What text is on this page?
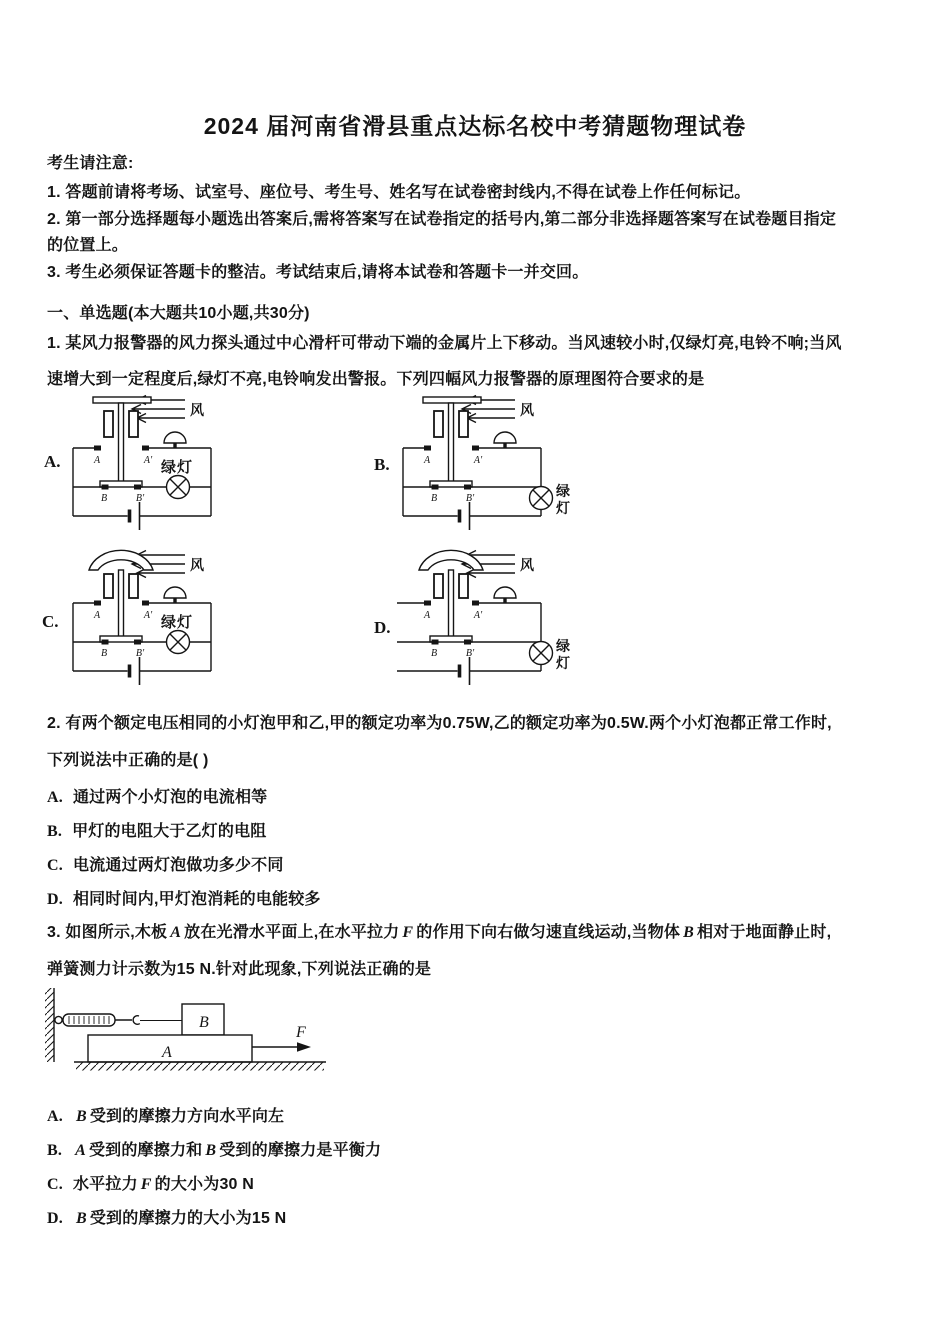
2024 届河南省滑县重点达标名校中考猜题物理试卷
考生请注意:
1. 答题前请将考场、试室号、座位号、考生号、姓名写在试卷密封线内,不得在试卷上作任何标记。
2. 第一部分选择题每小题选出答案后,需将答案写在试卷指定的括号内,第二部分非选择题答案写在试卷题目指定
的位置上。
3. 考生必须保证答题卡的整洁。考试结束后,请将本试卷和答题卡一并交回。
一、单选题(本大题共10小题,共30分)
1. 某风力报警器的风力探头通过中心滑杆可带动下端的金属片上下移动。当风速较小时,仅绿灯亮,电铃不响;当风
速增大到一定程度后,绿灯不亮,电铃响发出警报。下列四幅风力报警器的原理图符合要求的是
A.	B.
C.	D.
风
A	A′
B	B′
绿灯
风
A	A′
B	B′	绿
灯
风
A	A′
B	B′
绿灯
风
A	A′
B	B′	绿
灯
2. 有两个额定电压相同的小灯泡甲和乙,甲的额定功率为0.75W,乙的额定功率为0.5W.两个小灯泡都正常工作时,
下列说法中正确的是( )
A. 通过两个小灯泡的电流相等
B. 甲灯的电阻大于乙灯的电阻
C. 电流通过两灯泡做功多少不同
D. 相同时间内,甲灯泡消耗的电能较多
3. 如图所示,木板 A 放在光滑水平面上,在水平拉力 F 的作用下向右做匀速直线运动,当物体 B 相对于地面静止时,
弹簧测力计示数为15 N.针对此现象,下列说法正确的是
B
A
F
A. B 受到的摩擦力方向水平向左
B. A 受到的摩擦力和 B 受到的摩擦力是平衡力
C. 水平拉力 F 的大小为30 N
D. B 受到的摩擦力的大小为15 N
